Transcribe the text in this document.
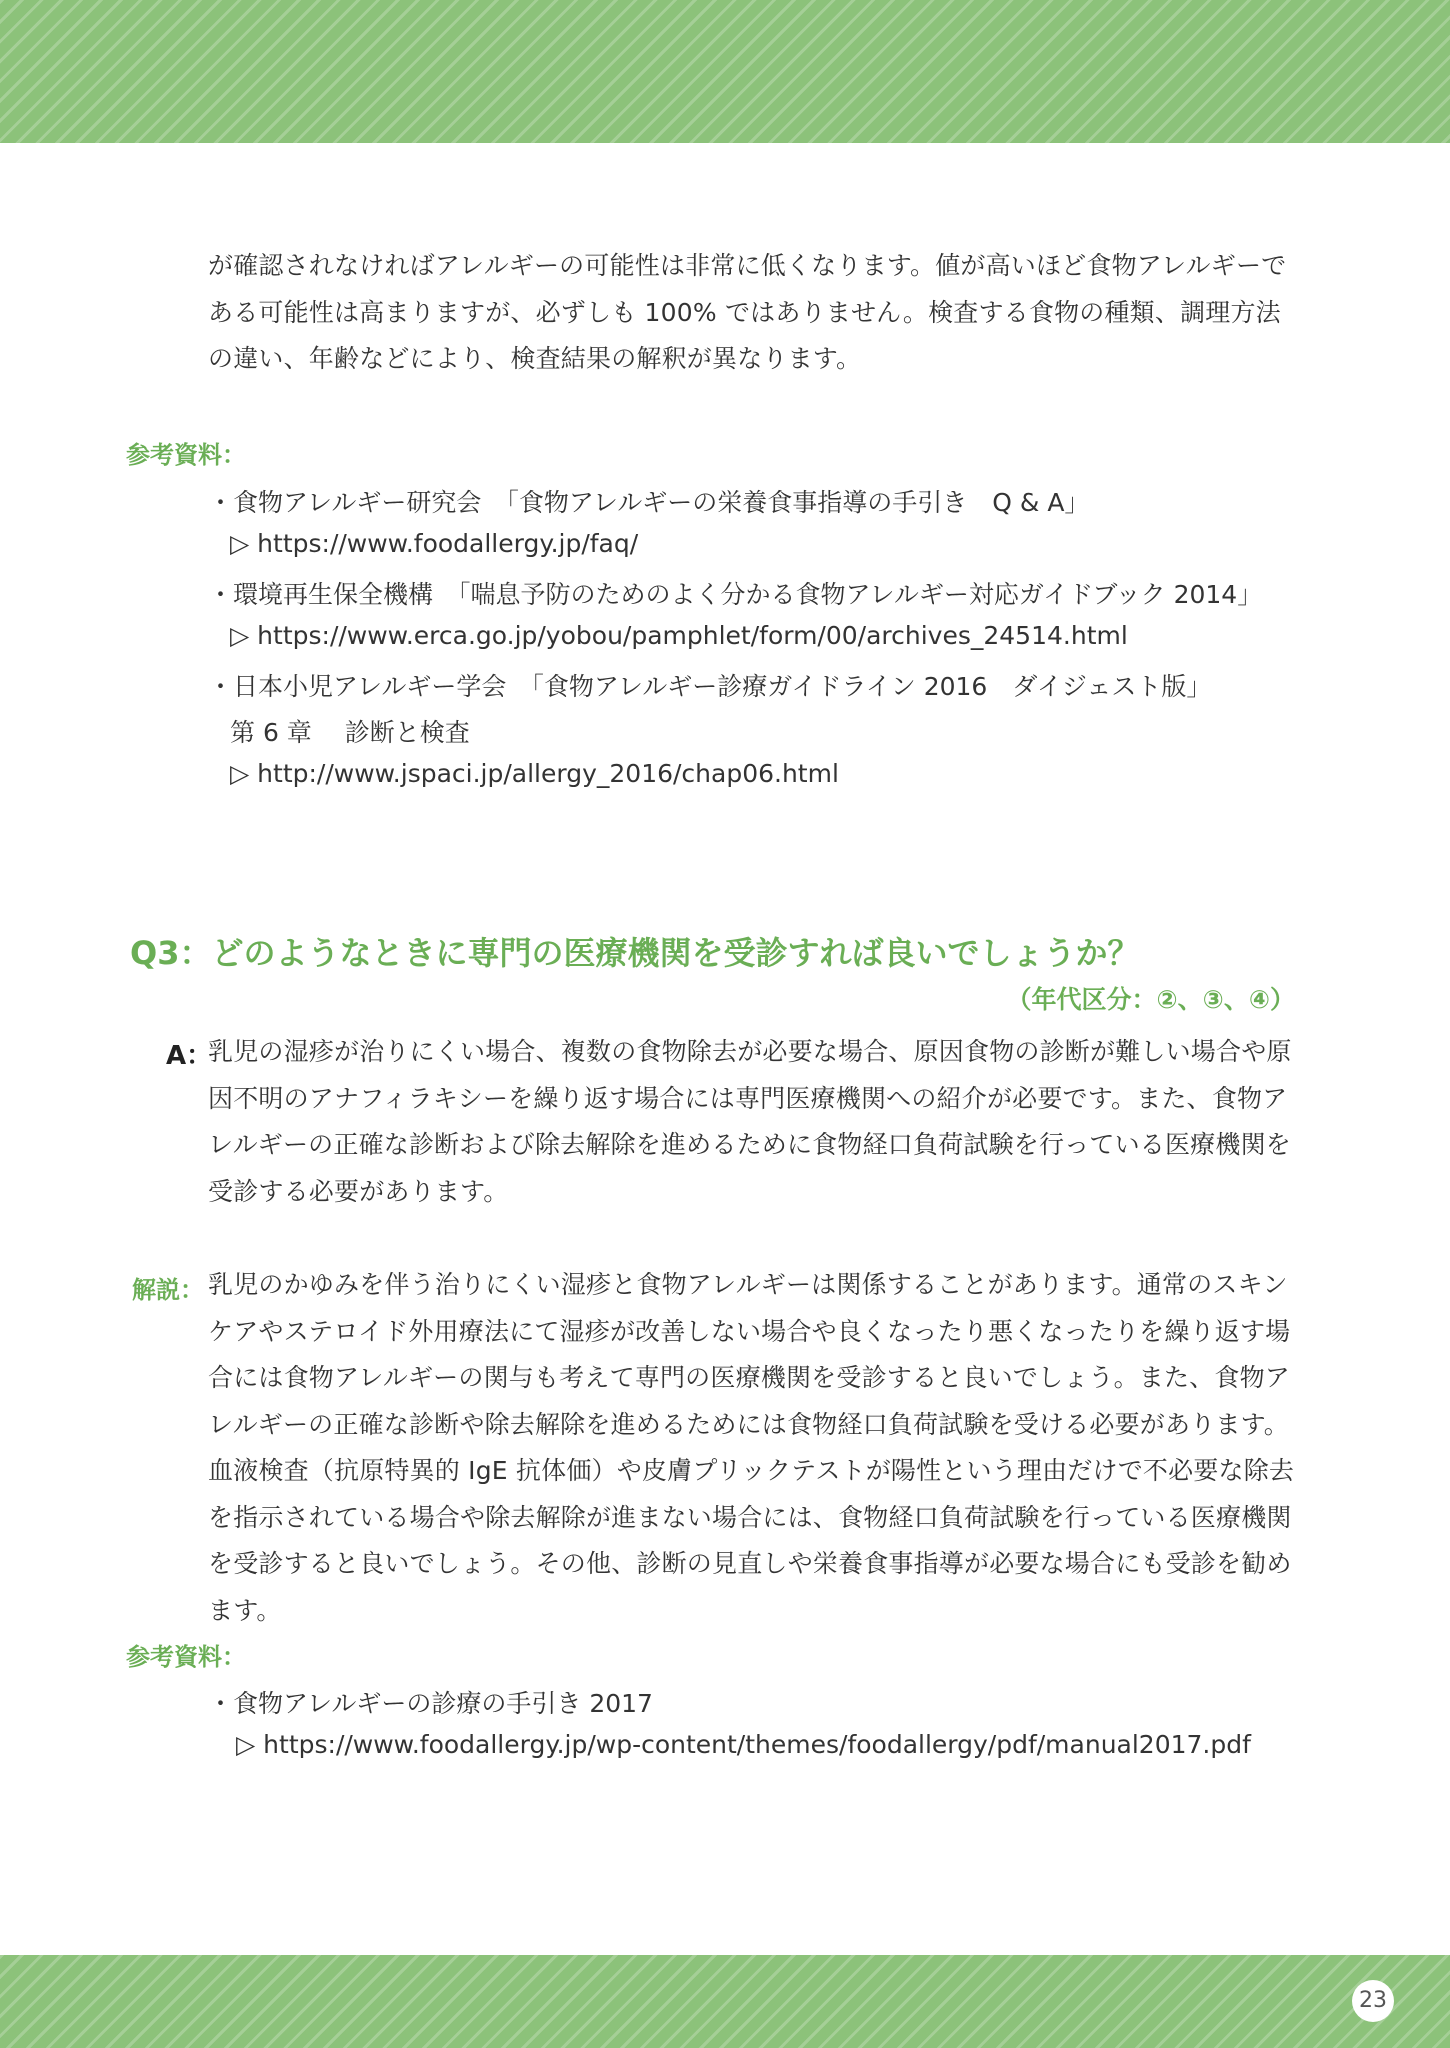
が確認されなければアレルギーの可能性は非常に低くなります。値が高いほど食物アレルギーである可能性は高まりますが、必ずしも 100% ではありません。検査する食物の種類、調理方法の違い、年齢などにより、検査結果の解釈が異なります。

参考資料：

・食物アレルギー研究会　「食物アレルギーの栄養食事指導の手引き　Q & A」

▷ https://www.foodallergy.jp/faq/

・環境再生保全機構　「喘息予防のためのよく分かる食物アレルギー対応ガイドブック 2014」

▷ https://www.erca.go.jp/yobou/pamphlet/form/00/archives_24514.html

・日本小児アレルギー学会　「食物アレルギー診療ガイドライン 2016　ダイジェスト版」

第 6 章　 診断と検査

▷ http://www.jspaci.jp/allergy_2016/chap06.html

Q3：どのようなときに専門の医療機関を受診すれば良いでしょうか？

（年代区分：②、③、④）

A：

乳児の湿疹が治りにくい場合、複数の食物除去が必要な場合、原因食物の診断が難しい場合や原因不明のアナフィラキシーを繰り返す場合には専門医療機関への紹介が必要です。また、食物アレルギーの正確な診断および除去解除を進めるために食物経口負荷試験を行っている医療機関を受診する必要があります。

解説： 乳児のかゆみを伴う治りにくい湿疹と食物アレルギーは関係することがあります。通常のスキンケアやステロイド外用療法にて湿疹が改善しない場合や良くなったり悪くなったりを繰り返す場合には食物アレルギーの関与も考えて専門の医療機関を受診すると良いでしょう。また、食物アレルギーの正確な診断や除去解除を進めるためには食物経口負荷試験を受ける必要があります。血液検査（抗原特異的 IgE 抗体価）や皮膚プリックテストが陽性という理由だけで不必要な除去を指示されている場合や除去解除が進まない場合には、食物経口負荷試験を行っている医療機関を受診すると良いでしょう。その他、診断の見直しや栄養食事指導が必要な場合にも受診を勧めます。

参考資料：

・食物アレルギーの診療の手引き 2017

▷ https://www.foodallergy.jp/wp-content/themes/foodallergy/pdf/manual2017.pdf

23
